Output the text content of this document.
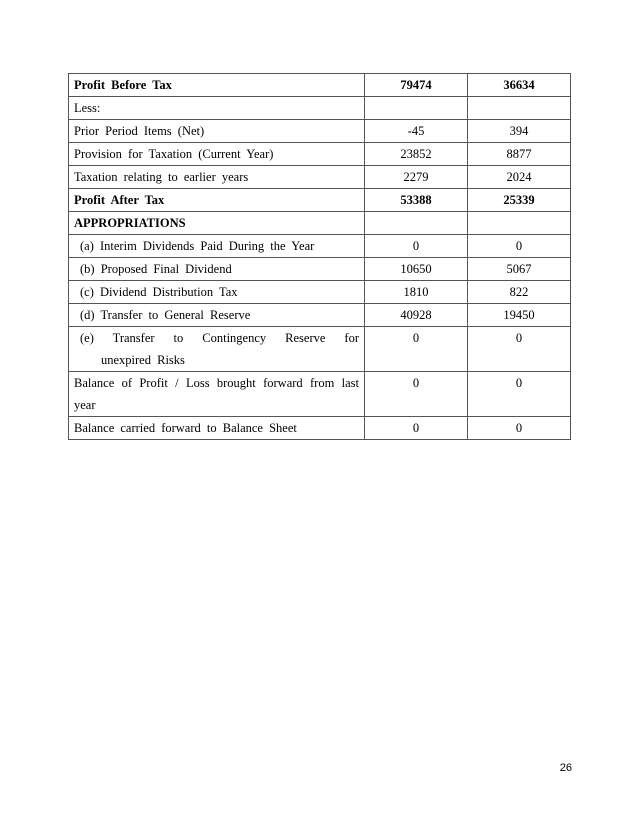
Profit Before Tax	79474	36634
Less:		
Prior Period Items (Net)	-45	394
Provision for Taxation (Current Year)	23852	8877
Taxation relating to earlier years	2279	2024
Profit After Tax	53388	25339
APPROPRIATIONS		
(a) Interim Dividends Paid During the Year	0	0
(b) Proposed Final Dividend	10650	5067
(c) Dividend Distribution Tax	1810	822
(d) Transfer to General Reserve	40928	19450

(e) Transfer to Contingency Reserve for
unexpired Risks	0	0

Balance of Profit / Loss brought forward from last
year	0	0
Balance carried forward to Balance Sheet	0	0
26
